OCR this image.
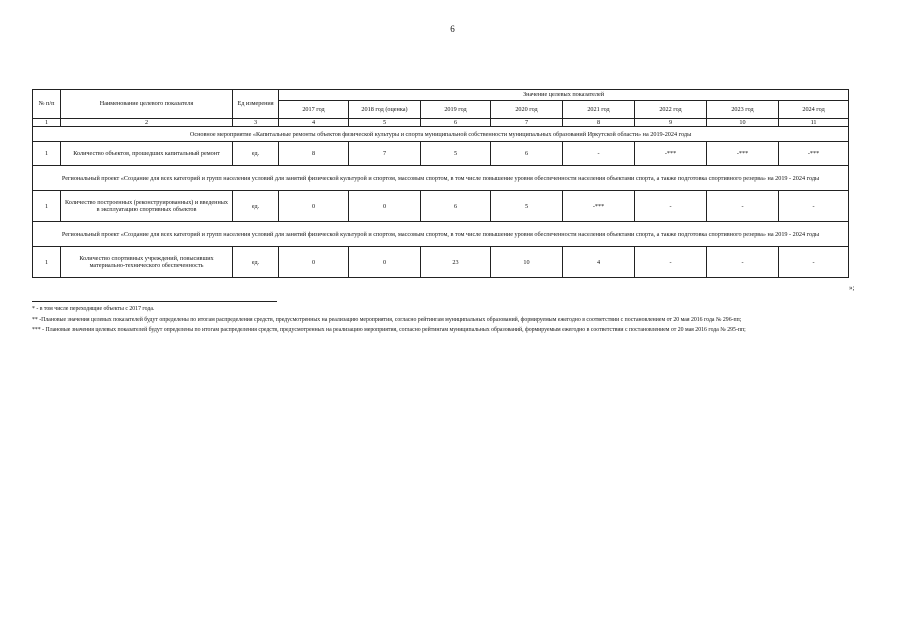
6
№ п/п	Наименование целевого показателя	Ед измерения	Значение целевых показателей							
			2017 год	2018 год (оценка)	2019 год	2020 год	2021 год	2022 год	2023 год	2024 год
1	2	3	4	5	6	7	8	9	10	11
Основное мероприятие «Капитальные ремонты объектов физической культуры и спорта муниципальной собственности муниципальных образований Иркутской области» на 2019-2024 годы										
1	Количество объектов, прошедших капитальный ремонт	ед.	8	7	5	6	-	-***	-***	-***
Региональный проект «Создание для всех категорий и групп населения условий для занятий физической культурой и спортом, массовым спортом, в том числе повышение уровня обеспеченности населения объектами спорта, а также подготовка спортивного резерва» на 2019 - 2024 годы										
1	Количество построенных (реконструированных) и введенных в эксплуатацию спортивных объектов	ед.	0	0	6	5	-***	-	-	-
Региональный проект «Создание для всех категорий и групп населения условий для занятий физической культурой и спортом, массовым спортом, в том числе повышение уровня обеспеченности населения объектами спорта, а также подготовка спортивного резерва» на 2019 - 2024 годы										
1	Количество спортивных учреждений, повысивших материально-технического обеспеченность	ед.	0	0	23	10	4	-	-	-
»;

* - в том числе переходящие объекты с 2017 года.

** -Плановые значения целевых показателей будут определены по итогам распределения средств, предусмотренных на реализацию мероприятия, согласно рейтингам муниципальных образований, формируемым ежегодно в соответствии с постановлением от 20 мая 2016 года № 296-пп;

*** - Плановые значения целевых показателей будут определены по итогам распределения средств, предусмотренных на реализацию мероприятия, согласно рейтингам муниципальных образований, формируемым ежегодно в соответствии с постановлением от 20 мая 2016 года № 295-пп;
